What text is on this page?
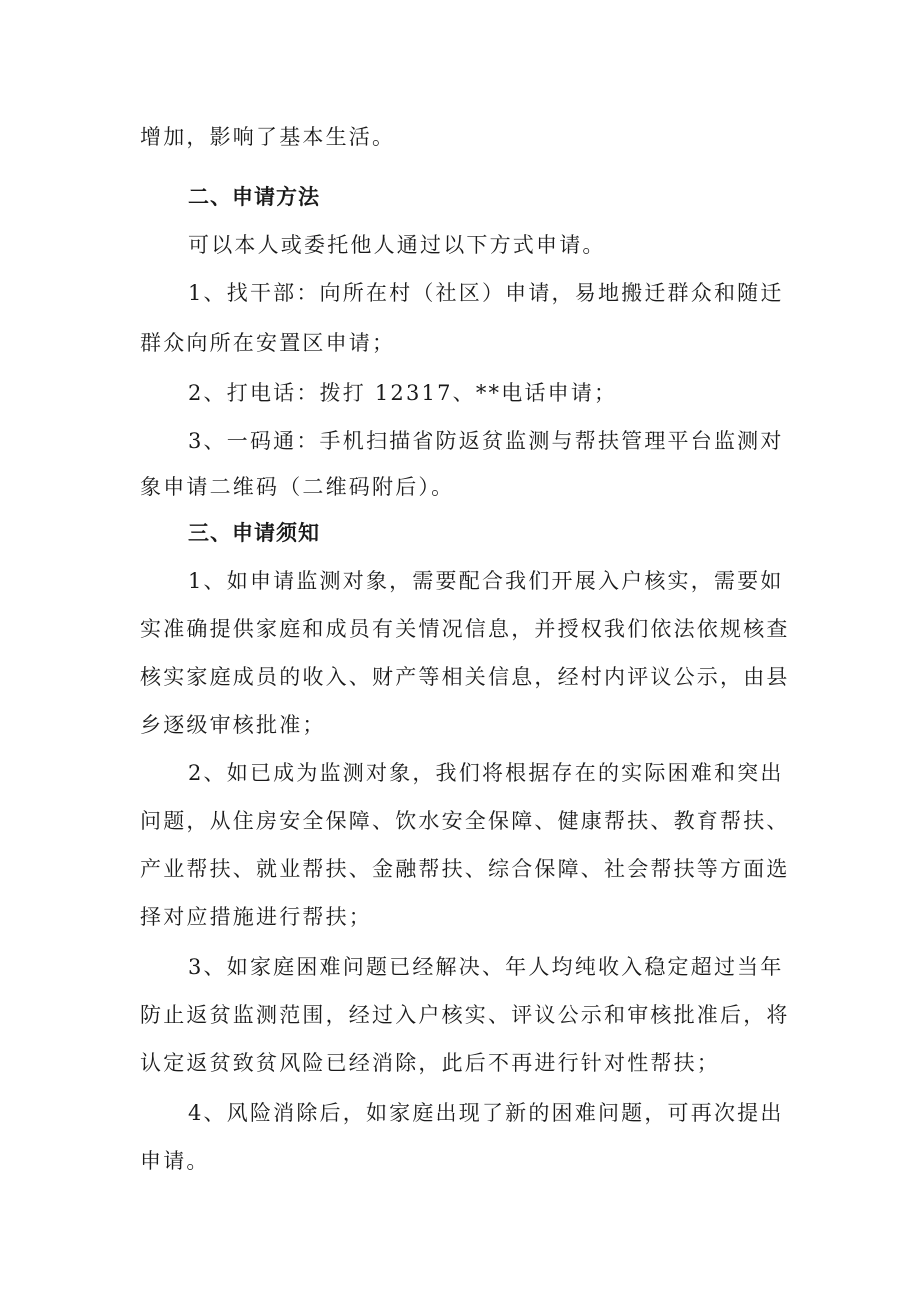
增加，影响了基本生活。
二、申请方法
可以本人或委托他人通过以下方式申请。
1、找干部：向所在村（社区）申请，易地搬迁群众和随迁
群众向所在安置区申请；
2、打电话：拨打 12317、**电话申请；
3、一码通：手机扫描省防返贫监测与帮扶管理平台监测对
象申请二维码（二维码附后）。
三、申请须知
1、如申请监测对象，需要配合我们开展入户核实，需要如
实准确提供家庭和成员有关情况信息，并授权我们依法依规核查
核实家庭成员的收入、财产等相关信息，经村内评议公示，由县
乡逐级审核批准；
2、如已成为监测对象，我们将根据存在的实际困难和突出
问题，从住房安全保障、饮水安全保障、健康帮扶、教育帮扶、
产业帮扶、就业帮扶、金融帮扶、综合保障、社会帮扶等方面选
择对应措施进行帮扶；
3、如家庭困难问题已经解决、年人均纯收入稳定超过当年
防止返贫监测范围，经过入户核实、评议公示和审核批准后，将
认定返贫致贫风险已经消除，此后不再进行针对性帮扶；
4、风险消除后，如家庭出现了新的困难问题，可再次提出
申请。
